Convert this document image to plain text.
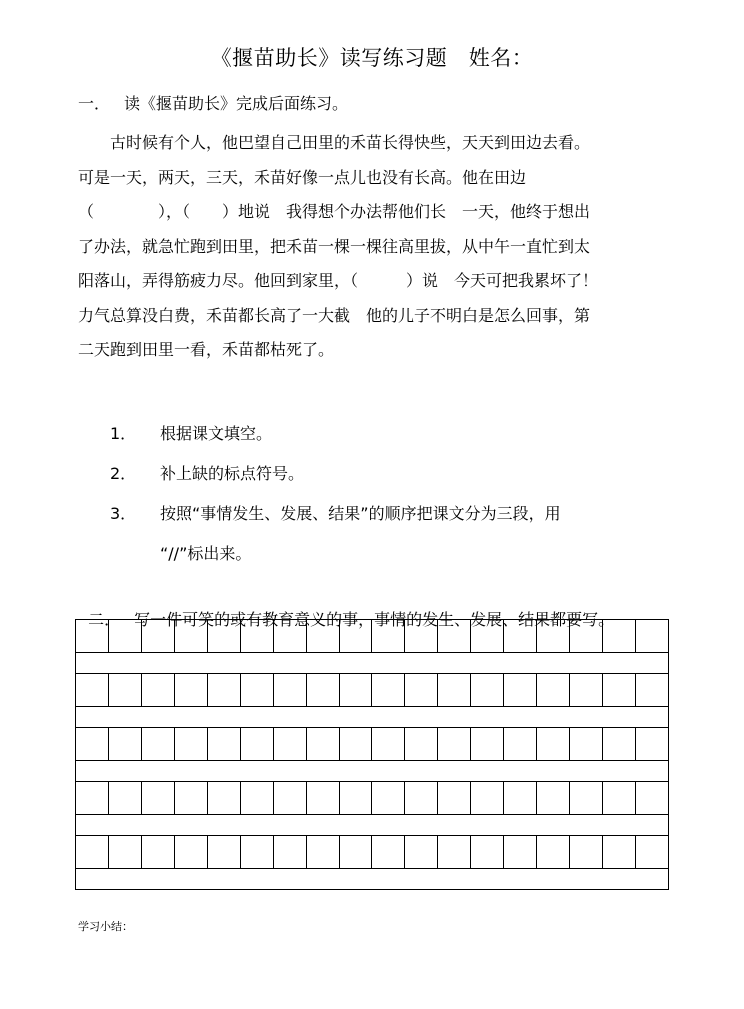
《揠苗助长》读写练习题　姓名：
一． 读《揠苗助长》完成后面练习。
　　古时候有个人，他巴望自己田里的禾苗长得快些，天天到田边去看。
可是一天，两天，三天，禾苗好像一点儿也没有长高。他在田边
（　　　　），（　　）地说　我得想个办法帮他们长　一天，他终于想出
了办法，就急忙跑到田里，把禾苗一棵一棵往高里拔，从中午一直忙到太
阳落山，弄得筋疲力尽。他回到家里，（　　　）说　今天可把我累坏了！
力气总算没白费，禾苗都长高了一大截　他的儿子不明白是怎么回事，第
二天跑到田里一看，禾苗都枯死了。
1． 根据课文填空。
2． 补上缺的标点符号。
3． 按照“事情发生、发展、结果”的顺序把课文分为三段，用
“//”标出来。

二． 写一件可笑的或有教育意义的事，事情的发生、发展、结果都要写。

学习小结：
